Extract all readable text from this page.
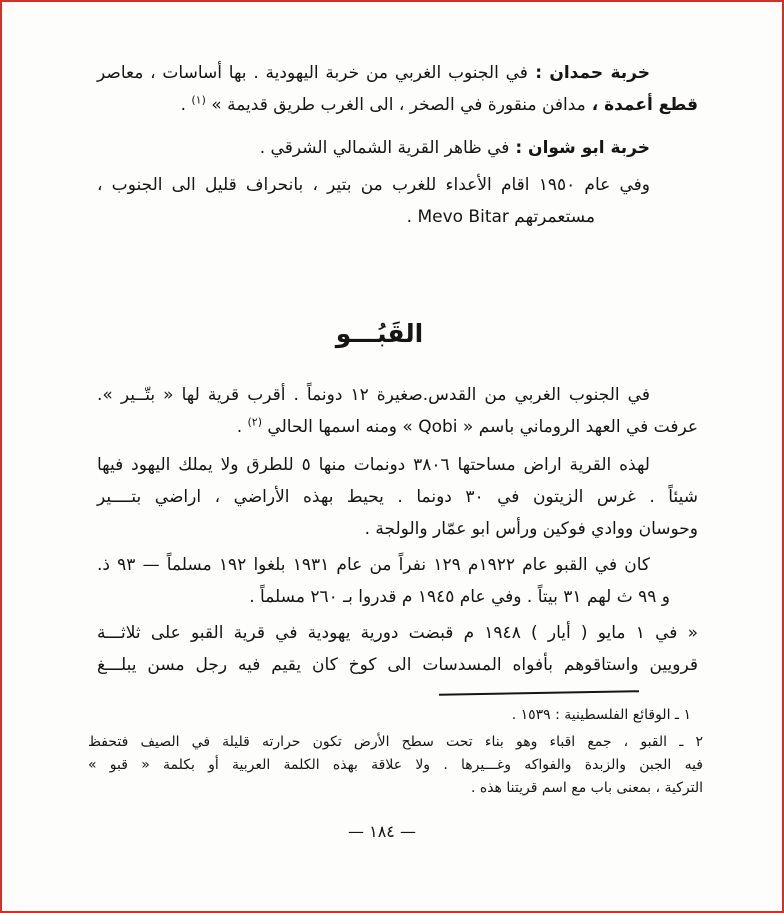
خربة حمدان : في الجنوب الغربي من خربة اليهودية . بها أساسات ، معاصر
قطع أعمدة ، مدافن منقورة في الصخر ، الى الغرب طريق قديمة » $^{(١)}$ .
خربة ابو شوان : في ظاهر القرية الشمالي الشرقي .
وفي عام ١٩٥٠ اقام الأعداء للغرب من بتير ، بانحراف قليل الى الجنوب ،
مستعمرتهم Mevo Bitar .
القَبُـــو
في الجنوب الغربي من القدس.صغيرة ١٢ دونماً . أقرب قرية لها « بتّــير ».
عرفت في العهد الروماني باسم « Qobi » ومنه اسمها الحالي $^{(٢)}$ .
لهذه القرية اراض مساحتها ٣٨٠٦ دونمات منها ٥ للطرق ولا يملك اليهود فيها
شيئاً . غرس الزيتون في ٣٠ دونما . يحيط بهذه الأراضي ، اراضي بتــــير
وحوسان ووادي فوكين ورأس ابو عمّار والولجة .
كان في القبو عام ١٩٢٢م ١٢٩ نفراً من عام ١٩٣١ بلغوا ١٩٢ مسلماً — ٩٣ ذ.
و ٩٩ ث لهم ٣١ بيتاً . وفي عام ١٩٤٥ م قدروا بـ ٢٦٠ مسلماً .
« في ١ مايو ( أيار ) ١٩٤٨ م قبضت دورية يهودية في قرية القبو على ثلاثـــة
قرويين واستاقوهم بأفواه المسدسات الى كوخ كان يقيم فيه رجل مسن يبلـــغ
١ ـ الوقائع الفلسطينية : ١٥٣٩ .
٢ ـ القبو ، جمع اقباء وهو بناء تحت سطح الأرض تكون حرارته قليلة في الصيف فتحفظ
فيه الجبن والزبدة والفواكه وغـــيرها . ولا علاقة بهذه الكلمة العربية أو بكلمة « قبو »
التركية ، بمعنى باب مع اسم قريتنا هذه .
— ١٨٤ —
